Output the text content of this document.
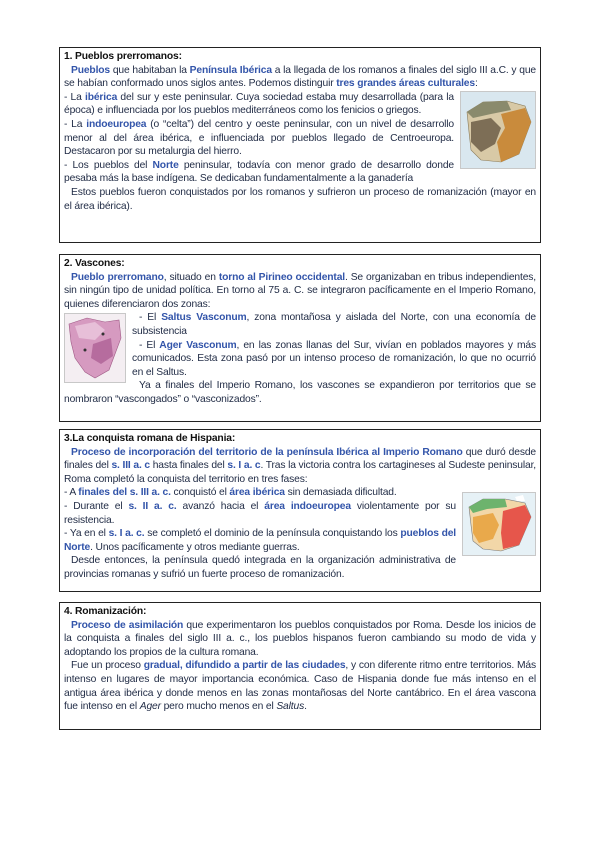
1. Pueblos prerromanos:

Pueblos que habitaban la Península Ibérica a la llegada de los romanos a finales del siglo III a.C. y que se habían conformado unos siglos antes. Podemos distinguir tres grandes áreas culturales:

- La ibérica del sur y este peninsular. Cuya sociedad estaba muy desarrollada (para la época) e influenciada por los pueblos mediterráneos como los fenicios o griegos.

- La indoeuropea (o “celta”) del centro y oeste peninsular, con un nivel de desarrollo menor al del área ibérica, e influenciada por pueblos llegado de Centroeuropa. Destacaron por su metalurgia del hierro.

- Los pueblos del Norte peninsular, todavía con menor grado de desarrollo donde pesaba más la base indígena. Se dedicaban fundamentalmente a la ganadería

Estos pueblos fueron conquistados por los romanos y sufrieron un proceso de romanización (mayor en el área ibérica).

2. Vascones:

Pueblo prerromano, situado en torno al Pirineo occidental. Se organizaban en tribus independientes, sin ningún tipo de unidad política. En torno al 75 a. C. se integraron pacíficamente en el Imperio Romano, quienes diferenciaron dos zonas:

- El Saltus Vasconum, zona montañosa y aislada del Norte, con una economía de subsistencia

- El Ager Vasconum, en las zonas llanas del Sur, vivían en poblados mayores y más comunicados. Esta zona pasó por un intenso proceso de romanización, lo que no ocurrió en el Saltus.

Ya a finales del Imperio Romano, los vascones se expandieron por territorios que se nombraron “vascongados” o “vasconizados”.

3.La conquista romana de Hispania:

Proceso de incorporación del territorio de la península Ibérica al Imperio Romano que duró desde finales del s. III a. c hasta finales del s. I a. c. Tras la victoria contra los cartagineses al Sudeste peninsular, Roma completó la conquista del territorio en tres fases:

- A finales del s. III a. c. conquistó el área ibérica sin demasiada dificultad.

- Durante el s. II a. c. avanzó hacia el área indoeuropea violentamente por su resistencia.

- Ya en el s. I a. c. se completó el dominio de la península conquistando los pueblos del Norte. Unos pacíficamente y otros mediante guerras.

Desde entonces, la península quedó integrada en la organización administrativa de provincias romanas y sufrió un fuerte proceso de romanización.

4. Romanización:

Proceso de asimilación que experimentaron los pueblos conquistados por Roma. Desde los inicios de la conquista a finales del siglo III a. c., los pueblos hispanos fueron cambiando su modo de vida y adoptando los propios de la cultura romana.

Fue un proceso gradual, difundido a partir de las ciudades, y con diferente ritmo entre territorios. Más intenso en lugares de mayor importancia económica. Caso de Hispania donde fue más intenso en el antigua área ibérica y donde menos en las zonas montañosas del Norte cantábrico. En el área vascona fue intenso en el Ager pero mucho menos en el Saltus.
